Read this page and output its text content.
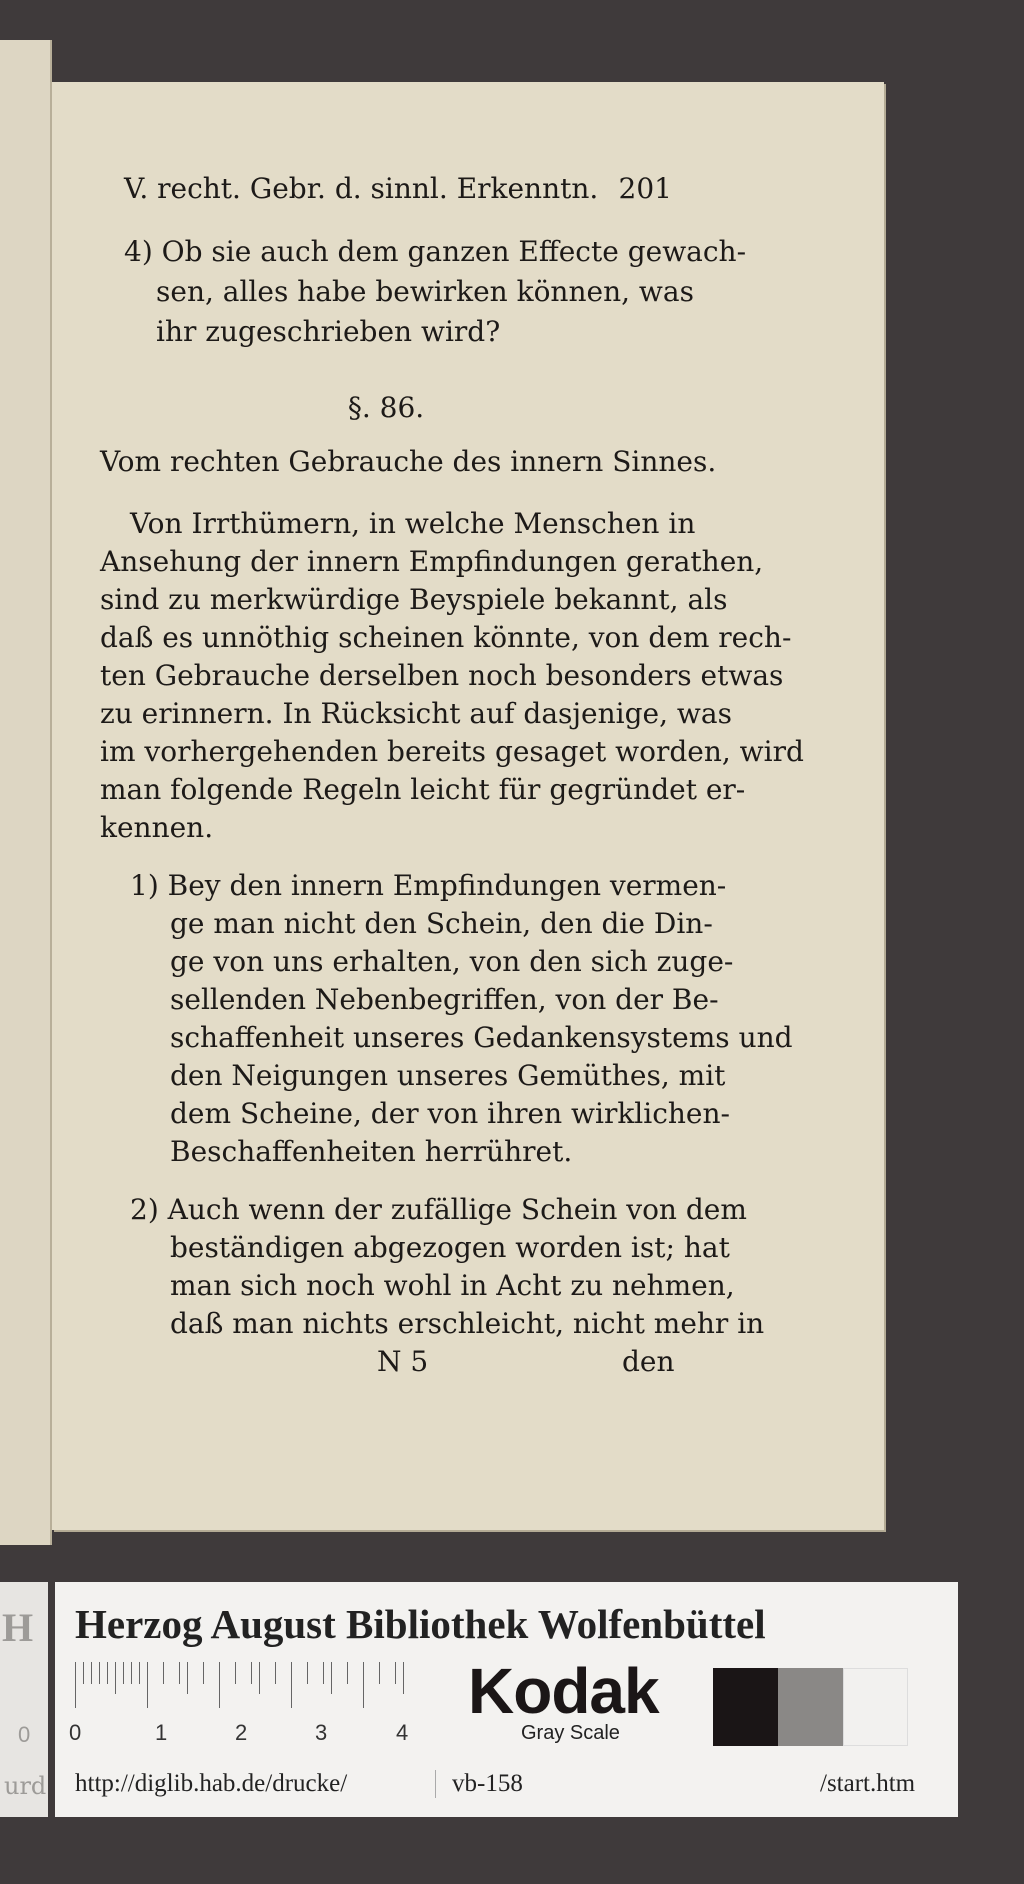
V. recht. Gebr. d. sinnl. Erkenntn. 201

4) Ob sie auch dem ganzen Effecte gewach-

sen, alles habe bewirken können, was

ihr zugeschrieben wird?

§. 86.

Vom rechten Gebrauche des innern Sinnes.

Von Irrthümern, in welche Menschen in

Ansehung der innern Empfindungen gerathen,

sind zu merkwürdige Beyspiele bekannt, als

daß es unnöthig scheinen könnte, von dem rech-

ten Gebrauche derselben noch besonders etwas

zu erinnern. In Rücksicht auf dasjenige, was

im vorhergehenden bereits gesaget worden, wird

man folgende Regeln leicht für gegründet er-

kennen.

1) Bey den innern Empfindungen vermen-

ge man nicht den Schein, den die Din-

ge von uns erhalten, von den sich zuge-

sellenden Nebenbegriffen, von der Be-

schaffenheit unseres Gedankensystems und

den Neigungen unseres Gemüthes, mit

dem Scheine, der von ihren wirklichen-

Beschaffenheiten herrühret.

2) Auch wenn der zufällige Schein von dem

beständigen abgezogen worden ist; hat

man sich noch wohl in Acht zu nehmen,

daß man nichts erschleicht, nicht mehr in

N 5	den

H
0
urd
Herzog August Bibliothek Wolfenbüttel
0	1	2	3	4
Kodak
Gray Scale
http://diglib.hab.de/drucke/	vb-158	/start.htm
